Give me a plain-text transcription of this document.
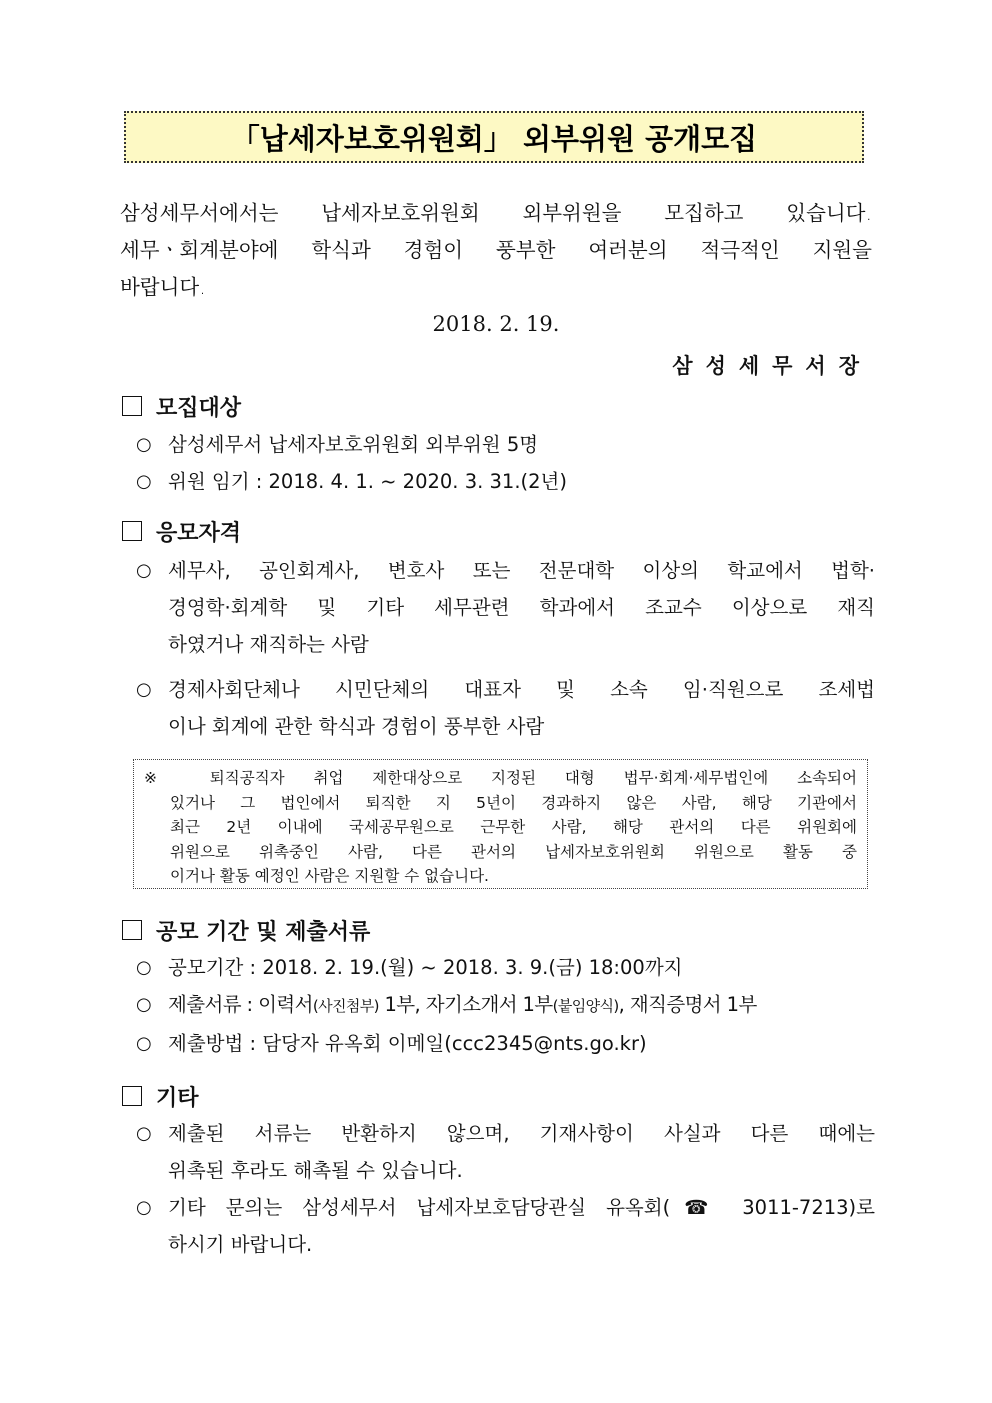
「납세자보호위원회」 외부위원 공개모집
삼성세무서에서는 납세자보호위원회 외부위원을 모집하고 있습니다.
세무ㆍ회계분야에 학식과 경험이 풍부한 여러분의 적극적인 지원을
바랍니다.
2018. 2. 19.
삼성세무서장
모집대상
○ 삼성세무서 납세자보호위원회 외부위원 5명
○ 위원 임기 : 2018. 4. 1. ~ 2020. 3. 31.(2년)
응모자격
○ 세무사, 공인회계사, 변호사 또는 전문대학 이상의 학교에서 법학·
경영학·회계학 및 기타 세무관련 학과에서 조교수 이상으로 재직
하였거나 재직하는 사람
○ 경제사회단체나 시민단체의 대표자 및 소속 임·직원으로 조세법
이나 회계에 관한 학식과 경험이 풍부한 사람
※ 퇴직공직자 취업 제한대상으로 지정된 대형 법무·회계·세무법인에 소속되어
있거나 그 법인에서 퇴직한 지 5년이 경과하지 않은 사람, 해당 기관에서
최근 2년 이내에 국세공무원으로 근무한 사람, 해당 관서의 다른 위원회에
위원으로 위촉중인 사람, 다른 관서의 납세자보호위원회 위원으로 활동 중
이거나 활동 예정인 사람은 지원할 수 없습니다.
공모 기간 및 제출서류
○ 공모기간 : 2018. 2. 19.(월) ~ 2018. 3. 9.(금) 18:00까지
○ 제출서류 : 이력서(사진첨부) 1부, 자기소개서 1부(붙임양식), 재직증명서 1부
○ 제출방법 : 담당자 유옥회 이메일(ccc2345@nts.go.kr)
기타
○ 제출된 서류는 반환하지 않으며, 기재사항이 사실과 다른 때에는
위촉된 후라도 해촉될 수 있습니다.
○ 기타 문의는 삼성세무서 납세자보호담당관실 유옥회(☎ 3011-7213)로
하시기 바랍니다.
